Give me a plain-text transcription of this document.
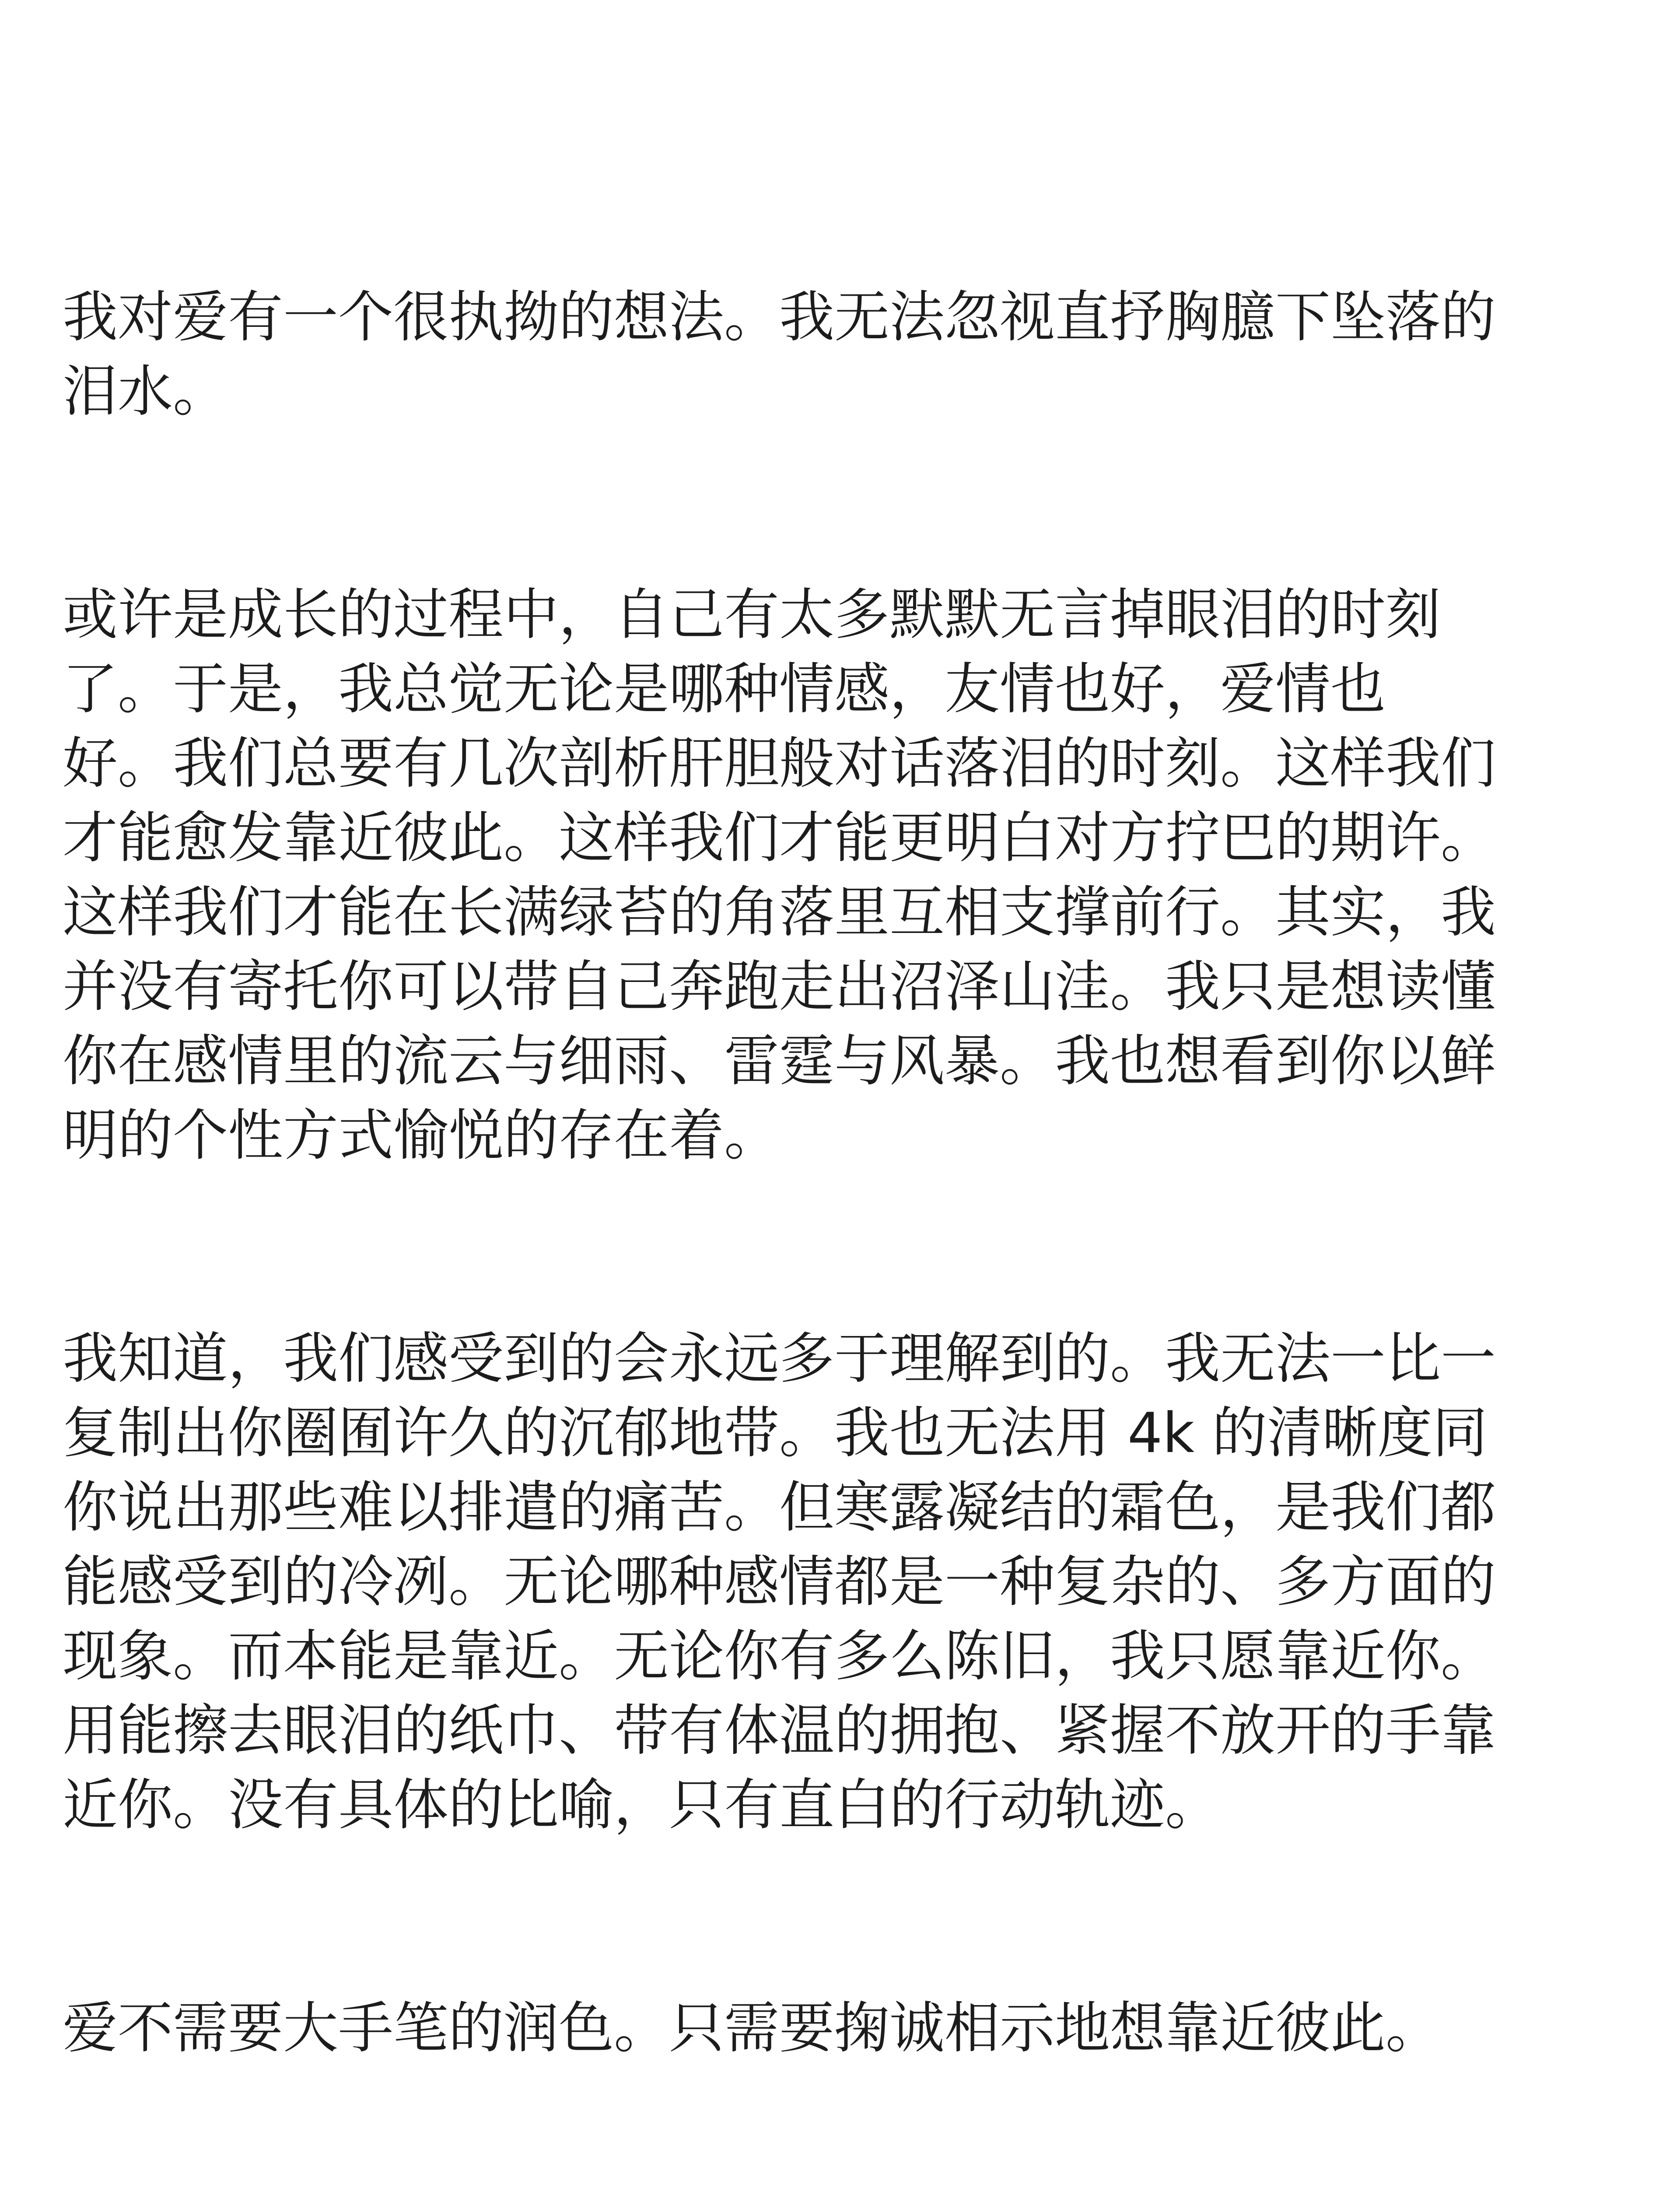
我对爱有一个很执拗的想法。我无法忽视直抒胸臆下坠落的
泪水。

或许是成长的过程中，自己有太多默默无言掉眼泪的时刻
了。于是，我总觉无论是哪种情感，友情也好，爱情也
好。我们总要有几次剖析肝胆般对话落泪的时刻。这样我们
才能愈发靠近彼此。这样我们才能更明白对方拧巴的期许。
这样我们才能在长满绿苔的角落里互相支撑前行。其实，我
并没有寄托你可以带自己奔跑走出沼泽山洼。我只是想读懂
你在感情里的流云与细雨、雷霆与风暴。我也想看到你以鲜
明的个性方式愉悦的存在着。

我知道，我们感受到的会永远多于理解到的。我无法一比一
复制出你圈囿许久的沉郁地带。我也无法用 4k 的清晰度同
你说出那些难以排遣的痛苦。但寒露凝结的霜色，是我们都
能感受到的冷冽。无论哪种感情都是一种复杂的、多方面的
现象。而本能是靠近。无论你有多么陈旧，我只愿靠近你。
用能擦去眼泪的纸巾、带有体温的拥抱、紧握不放开的手靠
近你。没有具体的比喻，只有直白的行动轨迹。

爱不需要大手笔的润色。只需要掬诚相示地想靠近彼此。
